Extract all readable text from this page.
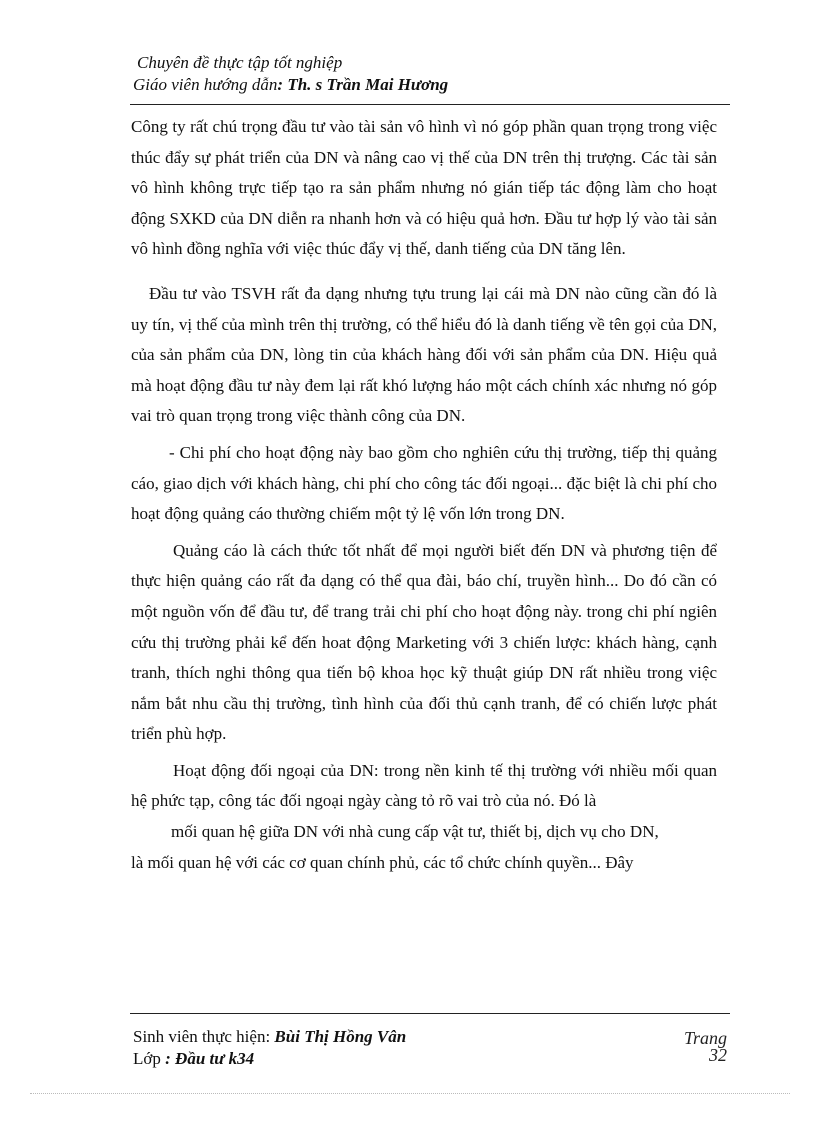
Chuyên đề thực tập tốt nghiệp
Giáo viên hướng dẫn: Th. s Trần Mai Hương

Công ty rất chú trọng đầu tư vào tài sản vô hình vì nó góp phần quan trọng trong việc thúc đẩy sự phát triển của DN và nâng cao vị thế của DN trên thị trượng. Các tài sản vô hình không trực tiếp tạo ra sản phẩm nhưng nó gián tiếp tác động làm cho hoạt động SXKD của DN diễn ra nhanh hơn và có hiệu quả hơn. Đầu tư hợp lý vào tài sản vô hình đồng nghĩa với việc thúc đẩy vị thế, danh tiếng của DN tăng lên.

Đầu tư vào TSVH rất đa dạng nhưng tựu trung lại cái mà DN nào cũng cần đó là uy tín, vị thế của mình trên thị trường, có thể hiểu đó là danh tiếng về tên gọi của DN, của sản phẩm của DN, lòng tin của khách hàng đối với sản phẩm của DN. Hiệu quả mà hoạt động đầu tư này đem lại rất khó lượng háo một cách chính xác nhưng nó góp vai trò quan trọng trong việc thành công của DN.

- Chi phí cho hoạt động này bao gồm cho nghiên cứu thị trường, tiếp thị quảng cáo, giao dịch với khách hàng, chi phí cho công tác đối ngoại... đặc biệt là chi phí cho hoạt động quảng cáo thường chiếm một tỷ lệ vốn lớn trong DN.

Quảng cáo là cách thức tốt nhất để mọi người biết đến DN và phương tiện để thực hiện quảng cáo rất đa dạng có thể qua đài, báo chí, truyền hình... Do đó cần có một nguồn vốn để đầu tư, để trang trải chi phí cho hoạt động này. trong chi phí ngiên cứu thị trường phải kể đến hoat động Marketing với 3 chiến lược: khách hàng, cạnh tranh, thích nghi thông qua tiến bộ khoa học kỹ thuật giúp DN rất nhiều trong việc nắm bắt nhu cầu thị trường, tình hình của đối thủ cạnh tranh, để có chiến lược phát triển phù hợp.

Hoạt động đối ngoại của DN: trong nền kinh tế thị trường với nhiều mối quan hệ phức tạp, công tác đối ngoại ngày càng tỏ rõ vai trò của nó. Đó là

mối quan hệ giữa DN với nhà cung cấp vật tư, thiết bị, dịch vụ cho DN,

là mối quan hệ với các cơ quan chính phủ, các tổ chức chính quyền... Đây

Sinh viên thực hiện: Bùi Thị Hồng Vân
Lớp : Đầu tư k34
Trang
32
